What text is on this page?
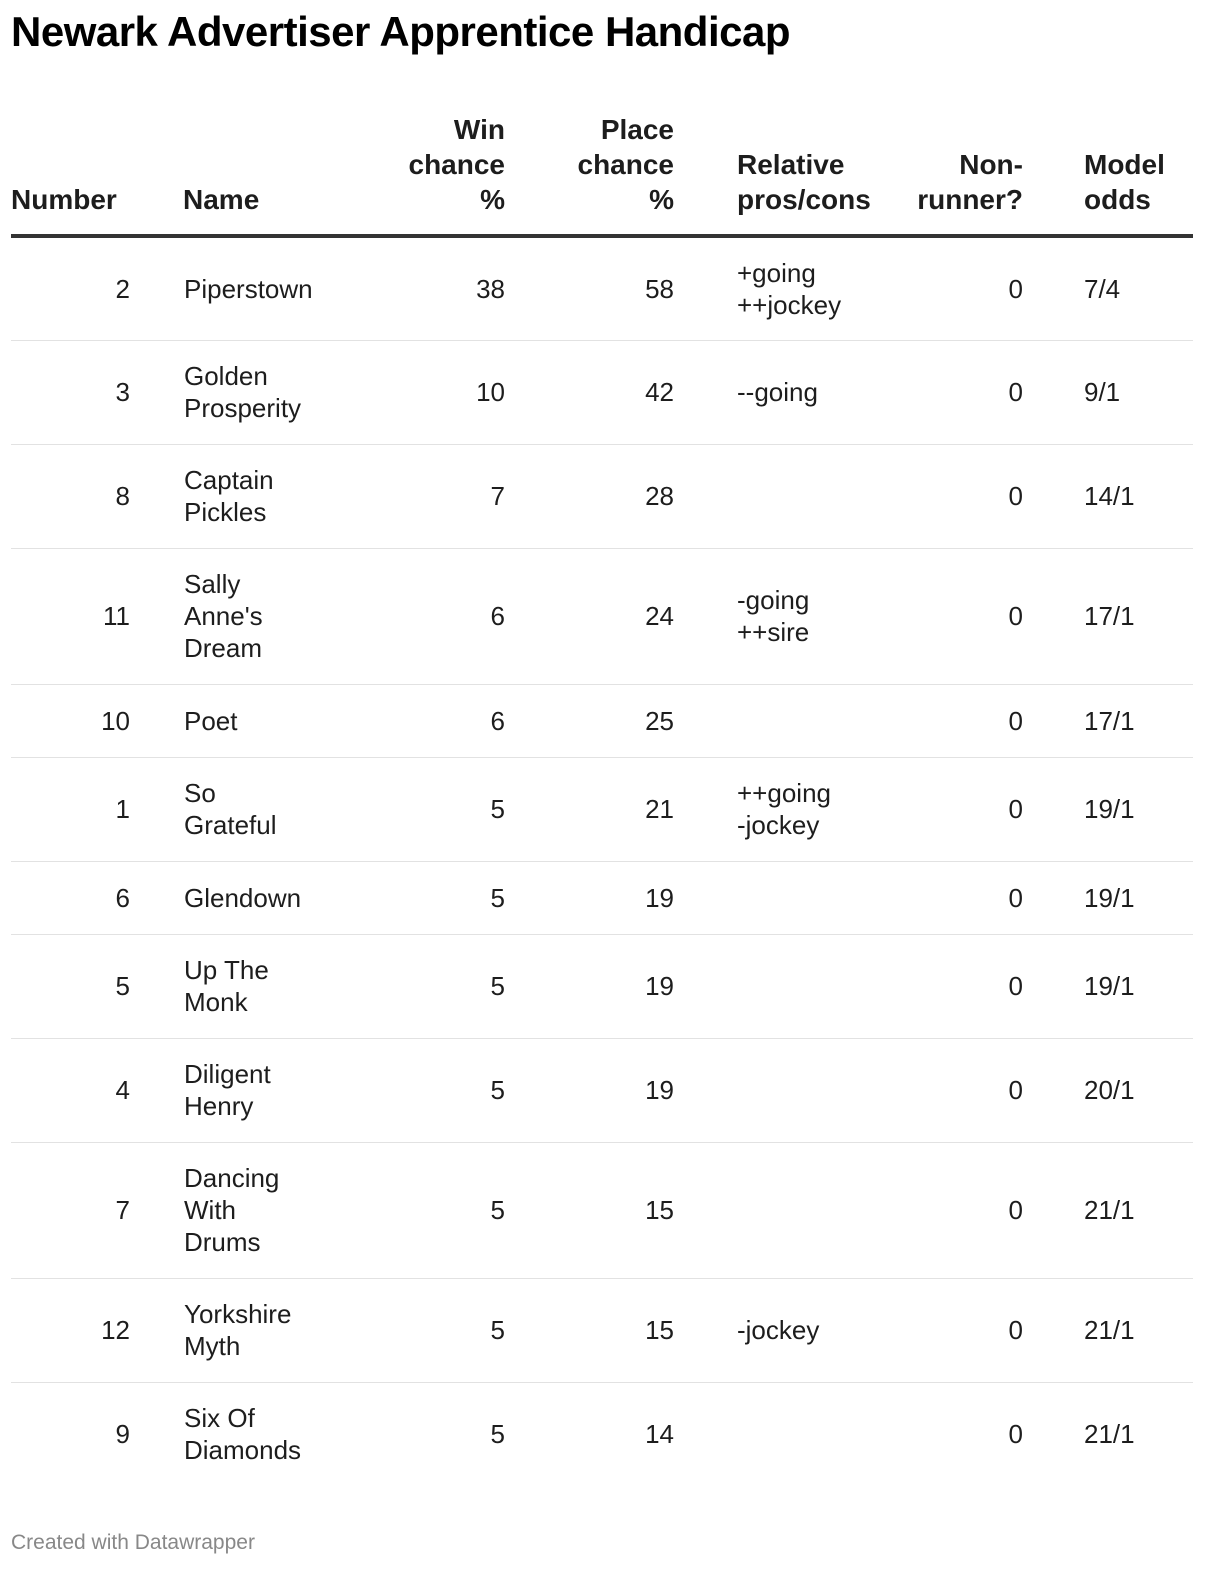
Newark Advertiser Apprentice Handicap
Number	Name	Win
chance
%	Place
chance
%	Relative
pros/cons	Non-
runner?	Model
odds
2	Piperstown	38	58	+going
++jockey	0	7/4
3	Golden
Prosperity	10	42	--going	0	9/1
8	Captain
Pickles	7	28		0	14/1
11	Sally
Anne's
Dream	6	24	-going
++sire	0	17/1
10	Poet	6	25		0	17/1
1	So Grateful	5	21	++going
-jockey	0	19/1
6	Glendown	5	19		0	19/1
5	Up The
Monk	5	19		0	19/1
4	Diligent
Henry	5	19		0	20/1
7	Dancing
With
Drums	5	15		0	21/1
12	Yorkshire
Myth	5	15	-jockey	0	21/1
9	Six Of
Diamonds	5	14		0	21/1
Created with Datawrapper
